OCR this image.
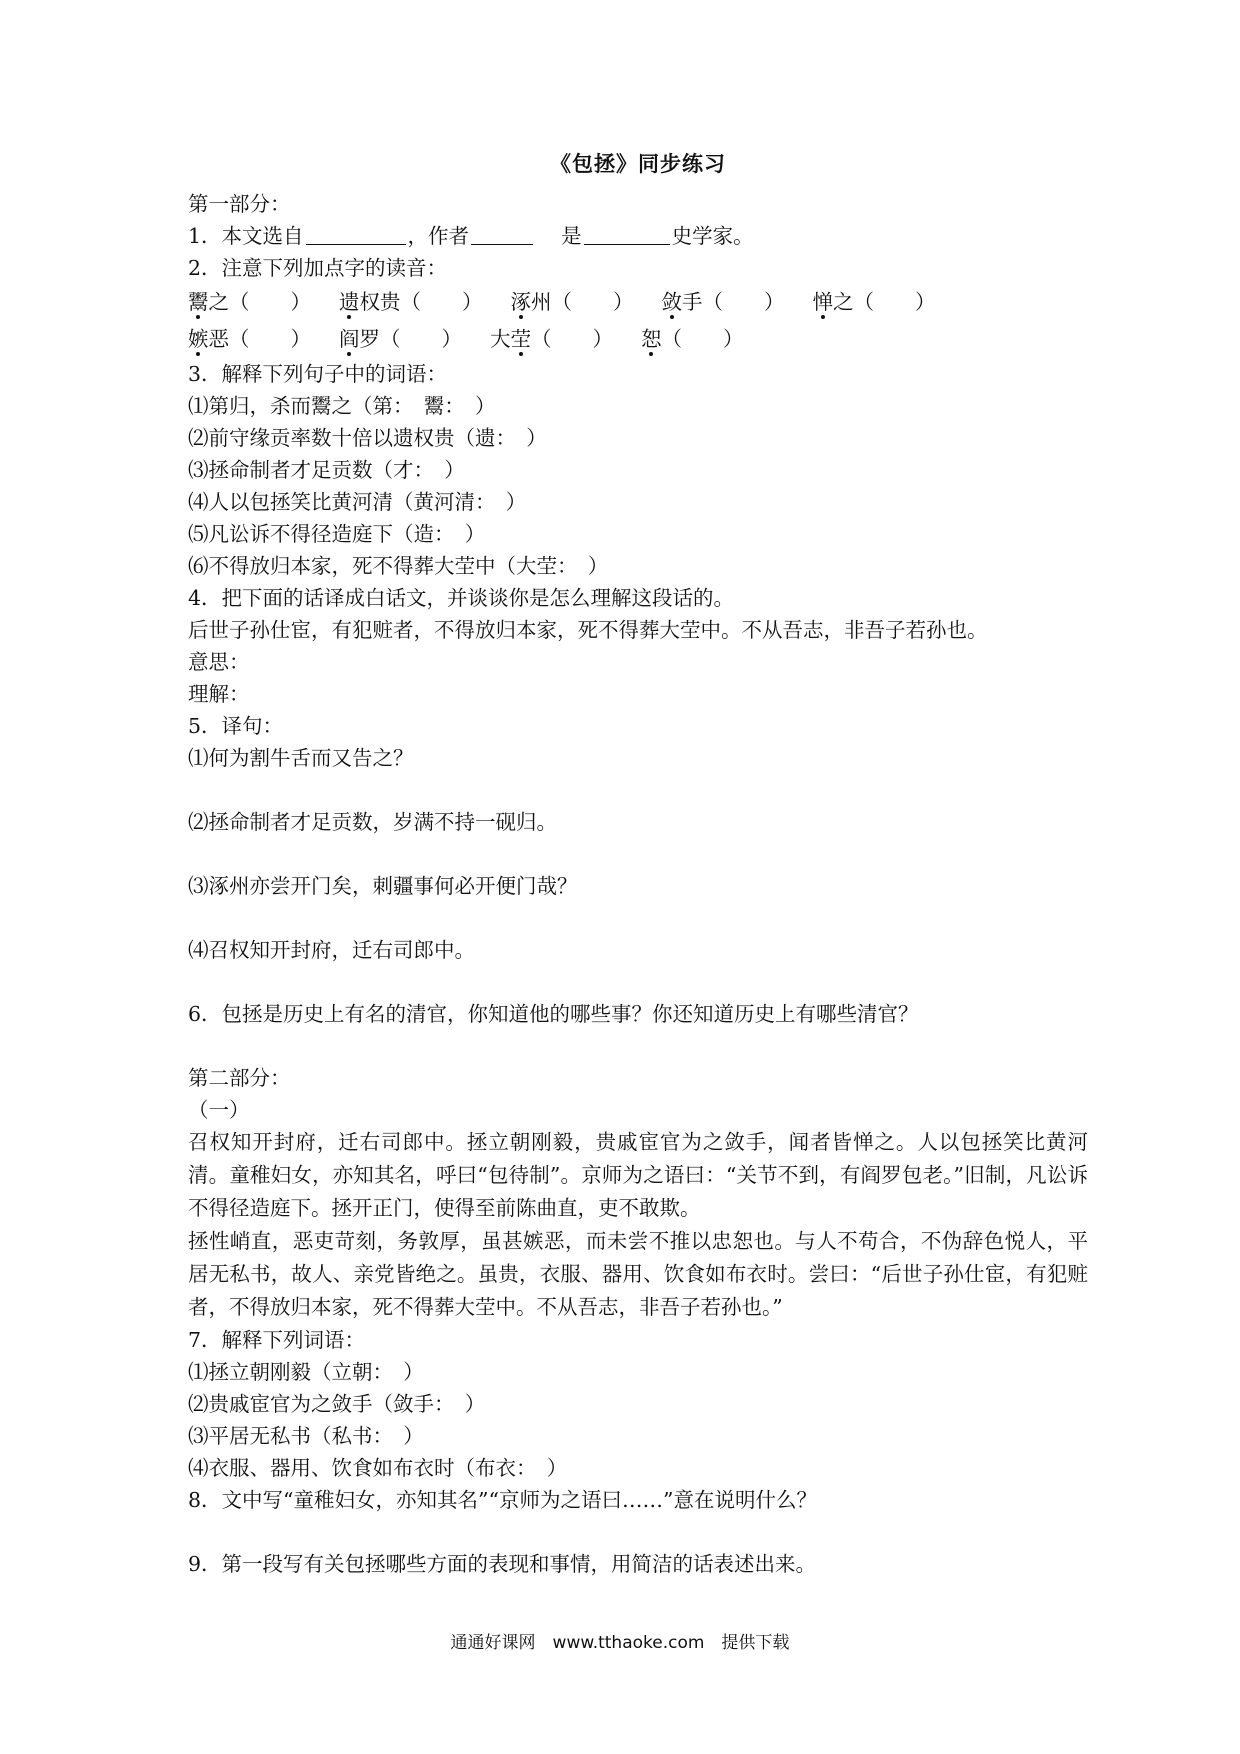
《包拯》同步练习
第一部分：
1．本文选自	，作者	是	史学家。
2．注意下列加点字的读音：
鬻之（　　） 遗权贵（　　） 涿州（　　） 敛手（　　） 惮之（　　）
嫉恶（　　） 阎罗（　　） 大茔（　　） 恕（　　）
3．解释下列句子中的词语：
⑴第归，杀而鬻之（第：　鬻：　）
⑵前守缘贡率数十倍以遗权贵（遗：　）
⑶拯命制者才足贡数（才：　）
⑷人以包拯笑比黄河清（黄河清：　）
⑸凡讼诉不得径造庭下（造：　）
⑹不得放归本家，死不得葬大茔中（大茔：　）
4．把下面的话译成白话文，并谈谈你是怎么理解这段话的。
后世子孙仕宦，有犯赃者，不得放归本家，死不得葬大茔中。不从吾志，非吾子若孙也。
意思：
理解：
5．译句：
⑴何为割牛舌而又告之？
⑵拯命制者才足贡数，岁满不持一砚归。
⑶涿州亦尝开门矣，刺疆事何必开便门哉？
⑷召权知开封府，迁右司郎中。
6．包拯是历史上有名的清官，你知道他的哪些事？你还知道历史上有哪些清官？
第二部分：
（一）

召权知开封府，迁右司郎中。拯立朝刚毅，贵戚宦官为之敛手，闻者皆惮之。人以包拯笑比黄河清。童稚妇女，亦知其名，呼曰“包待制”。京师为之语曰：“关节不到，有阎罗包老。”旧制，凡讼诉不得径造庭下。拯开正门，使得至前陈曲直，吏不敢欺。

拯性峭直，恶吏苛刻，务敦厚，虽甚嫉恶，而未尝不推以忠恕也。与人不苟合，不伪辞色悦人，平居无私书，故人、亲党皆绝之。虽贵，衣服、器用、饮食如布衣时。尝曰：“后世子孙仕宦，有犯赃者，不得放归本家，死不得葬大茔中。不从吾志，非吾子若孙也。”

7．解释下列词语：
⑴拯立朝刚毅（立朝：　）
⑵贵戚宦官为之敛手（敛手：　）
⑶平居无私书（私书：　）
⑷衣服、器用、饮食如布衣时（布衣：　）
8．文中写“童稚妇女，亦知其名”“京师为之语曰……”意在说明什么？
9．第一段写有关包拯哪些方面的表现和事情，用简洁的话表述出来。
通通好课网　www.tthaoke.com　提供下载
